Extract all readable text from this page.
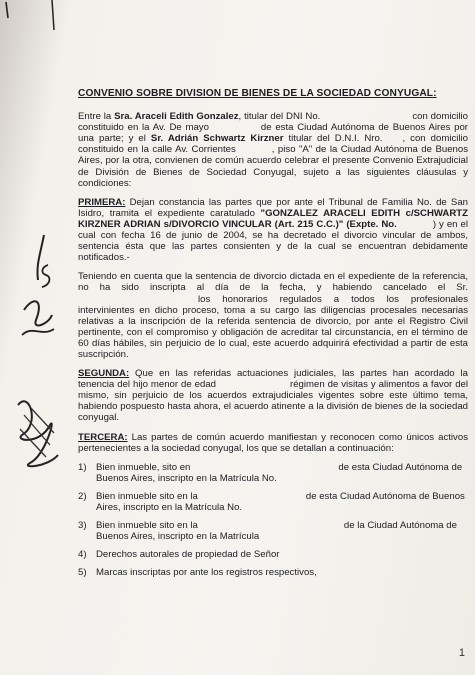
CONVENIO SOBRE DIVISION DE BIENES DE LA SOCIEDAD CONYUGAL:

Entre la Sra. Araceli Edith Gonzalez, titular del DNI No.	con domicilio constituido en la Av. De mayo	de esta Ciudad Autónoma de Buenos Aires por una parte; y el Sr. Adrián Schwartz Kirzner titular del D.N.I. Nro. , con domicilio constituido en la calle Av. Corrientes	, piso "A" de la Ciudad Autónoma de Buenos Aires, por la otra, convienen de común acuerdo celebrar el presente Convenio Extrajudicial de División de Bienes de Sociedad Conyugal, sujeto a las siguientes cláusulas y condiciones:

PRIMERA: Dejan constancia las partes que por ante el Tribunal de Familia No. de San Isidro, tramita el expediente caratulado "GONZALEZ ARACELI EDITH c/SCHWARTZ KIRZNER ADRIAN s/DIVORCIO VINCULAR (Art. 215 C.C.)" (Expte. No.	) y en el cual con fecha 16 de junio de 2004, se ha decretado el divorcio vincular de ambos, sentencia ésta que las partes consienten y de la cual se encuentran debidamente notificados.-

Teniendo en cuenta que la sentencia de divorcio dictada en el expediente de la referencia, no ha sido inscripta al día de la fecha, y habiendo cancelado el Sr.los honorarios regulados a todos los profesionales intervinientes en dicho proceso, toma a su cargo las diligencias procesales necesarias relativas a la inscripción de la referida sentencia de divorcio, por ante el Registro Civil pertinente, con el compromiso y obligación de acreditar tal circunstancia, en el término de 60 días hábiles, sin perjuicio de lo cual, este acuerdo adquirirá efectividad a partir de esta suscripción.

SEGUNDA: Que en las referidas actuaciones judiciales, las partes han acordado la tenencia del hijo menor de edad	régimen de visitas y alimentos a favor del mismo, sin perjuicio de los acuerdos extrajudiciales vigentes sobre este último tema, habiendo pospuesto hasta ahora, el acuerdo atinente a la división de bienes de la sociedad conyugal.

TERCERA: Las partes de común acuerdo manifiestan y reconocen como únicos activos pertenecientes a la sociedad conyugal, los que se detallan a continuación:

1) Bien inmueble, sito en	de esta Ciudad Autónoma de Buenos Aires, inscripto en la Matrícula No.
2) Bien inmueble sito en la	de esta Ciudad Autónoma de Buenos Aires, inscripto en la Matrícula No.
3) Bien inmueble sito en la	de la Ciudad Autónoma de Buenos Aires, inscripto en la Matrícula
4) Derechos autorales de propiedad de Señor
5) Marcas inscriptas por ante los registros respectivos,
1
